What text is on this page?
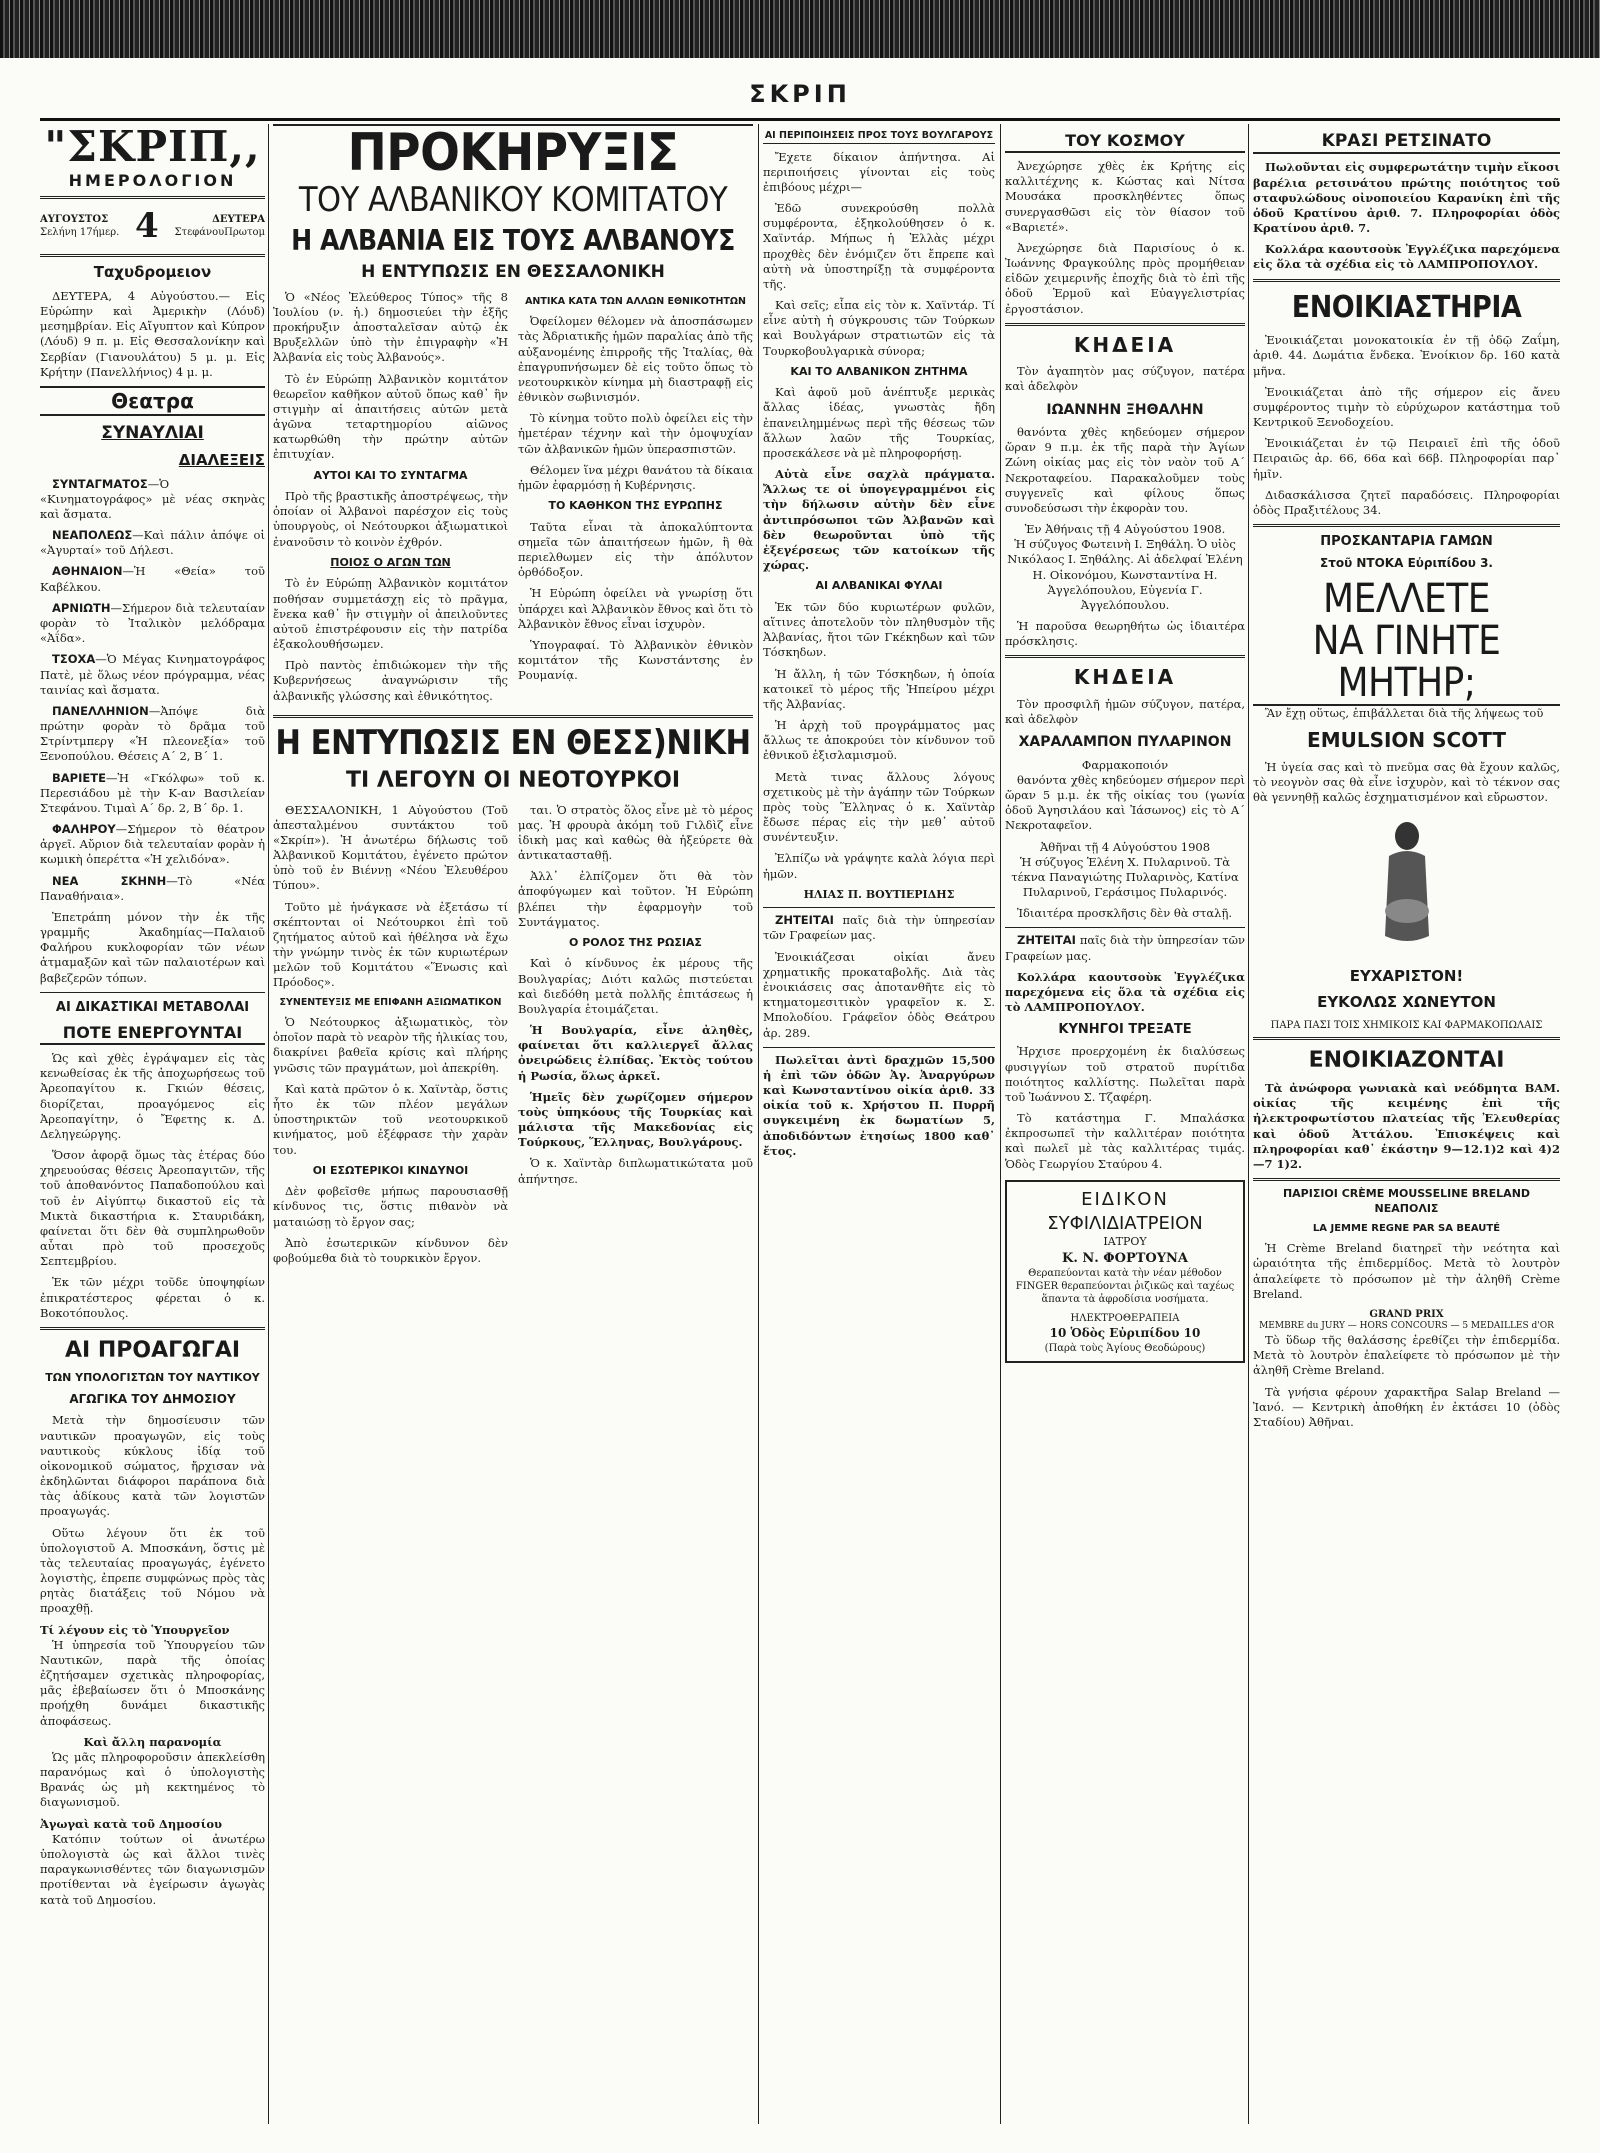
ΣΚΡΙΠ
"ΣΚΡΙΠ,,
ΗΜΕΡΟΛΟΓΙΟΝ
ΑΥΓΟΥΣΤΟΣ
Σελήνη 17ήμερ. 4	ΔΕΥΤΕΡΑ
ΣτεφάνουΠρωτομ
Ταχυδρομειον

ΔΕΥΤΕΡΑ, 4 Αὐγούστου.— Εἰς Εὐρώπην καὶ Ἀμερικὴν (Λόυδ) μεσημβρίαν. Εἰς Αἴγυπτον καὶ Κύπρον (Λόυδ) 9 π. μ. Εἰς Θεσσαλονίκην καὶ Σερβίαν (Γιανουλάτου) 5 μ. μ. Εἰς Κρήτην (Πανελλήνιος) 4 μ. μ.

Θεατρα
ΣΥΝΑΥΛΙΑΙ
ΔΙΑΛΕΞΕΙΣ

ΣΥΝΤΑΓΜΑΤΟΣ—Ὁ «Κινηματογράφος» μὲ νέας σκηνὰς καὶ ἄσματα.

ΝΕΑΠΟΛΕΩΣ—Καὶ πάλιν ἀπόψε οἱ «Ἀγυρταί» τοῦ Δήλεσι.

ΑΘΗΝΑΙΟΝ—Ἡ «Θεία» τοῦ Καβέλκου.

ΑΡΝΙΩΤΗ—Σήμερον διὰ τελευταίαν φορὰν τὸ Ἰταλικὸν μελόδραμα «Ἀΐδα».

ΤΣΟΧΑ—Ὁ Μέγας Κινηματογράφος Πατὲ, μὲ ὅλως νέον πρόγραμμα, νέας ταινίας καὶ ἄσματα.

ΠΑΝΕΛΛΗΝΙΟΝ—Ἀπόψε διὰ πρώτην φορὰν τὸ δρᾶμα τοῦ Στρίντμπεργ «Ἡ πλεονεξία» τοῦ Ξενοπούλου. Θέσεις Α΄ 2, Β΄ 1.

ΒΑΡΙΕΤΕ—Ἡ «Γκόλφω» τοῦ κ. Περεσιάδου μὲ τὴν Κ-αν Βασιλείαν Στεφάνου. Τιμαὶ Α΄ δρ. 2, Β΄ δρ. 1.

ΦΑΛΗΡΟΥ—Σήμερον τὸ θέατρον ἀργεῖ. Αὔριον διὰ τελευταίαν φορὰν ἡ κωμικὴ ὀπερέττα «Ἡ χελιδόνα».

ΝΕΑ ΣΚΗΝΗ—Τὸ «Νέα Παναθήναια».

Ἐπετράπη μόνον τὴν ἐκ τῆς γραμμῆς Ἀκαδημίας—Παλαιοῦ Φαλήρου κυκλοφορίαν τῶν νέων ἀτμαμαξῶν καὶ τῶν παλαιοτέρων καὶ βαβεζερῶν τόπων.

ΑΙ ΔΙΚΑΣΤΙΚΑΙ ΜΕΤΑΒΟΛΑΙ
ΠΟΤΕ ΕΝΕΡΓΟΥΝΤΑΙ

Ὡς καὶ χθὲς ἐγράψαμεν εἰς τὰς κενωθείσας ἐκ τῆς ἀποχωρήσεως τοῦ Ἀρεοπαγίτου κ. Γκιών θέσεις, διορίζεται, προαγόμενος εἰς Ἀρεοπαγίτην, ὁ Ἔφετης κ. Δ. Δεληγεώργης.

Ὅσον ἀφορᾷ ὅμως τὰς ἑτέρας δύο χηρευούσας θέσεις Ἀρεοπαγιτῶν, τῆς τοῦ ἀποθανόντος Παπαδοπούλου καὶ τοῦ ἐν Αἰγύπτῳ δικαστοῦ εἰς τὰ Μικτὰ δικαστήρια κ. Σταυριδάκη, φαίνεται ὅτι δὲν θὰ συμπληρωθοῦν αὗται πρὸ τοῦ προσεχοῦς Σεπτεμβρίου.

Ἐκ τῶν μέχρι τοῦδε ὑποψηφίων ἐπικρατέστερος φέρεται ὁ κ. Βοκοτόπουλος.

ΑΙ ΠΡΟΑΓΩΓΑΙ
ΤΩΝ ΥΠΟΛΟΓΙΣΤΩΝ ΤΟΥ ΝΑΥΤΙΚΟΥ
ΑΓΩΓΙΚΑ ΤΟΥ ΔΗΜΟΣΙΟΥ

Μετὰ τὴν δημοσίευσιν τῶν ναυτικῶν προαγωγῶν, εἰς τοὺς ναυτικοὺς κύκλους ἰδίᾳ τοῦ οἰκονομικοῦ σώματος, ἤρχισαν νὰ ἐκδηλῶνται διάφοροι παράπονα διὰ τὰς ἀδίκους κατὰ τῶν λογιστῶν προαγωγάς.

Οὕτω λέγουν ὅτι ἐκ τοῦ ὑπολογιστοῦ Α. Μποσκάνη, ὅστις μὲ τὰς τελευταίας προαγωγάς, ἐγένετο λογιστὴς, ἐπρεπε συμφώνως πρὸς τὰς ρητὰς διατάξεις τοῦ Νόμου νὰ προαχθῇ.

Τί λέγουν εἰς τὸ Ὑπουργεῖον

Ἡ ὑπηρεσία τοῦ Ὑπουργείου τῶν Ναυτικῶν, παρὰ τῆς ὁποίας ἐζητήσαμεν σχετικὰς πληροφορίας, μᾶς ἐβεβαίωσεν ὅτι ὁ Μποσκάνης προήχθη δυνάμει δικαστικῆς ἀποφάσεως.

Καὶ ἄλλη παρανομία

Ὡς μᾶς πληροφοροῦσιν ἀπεκλείσθη παρανόμως καὶ ὁ ὑπολογιστὴς Βρανάς ὡς μὴ κεκτημένος τὸ διαγωνισμοῦ.

Ἀγωγαὶ κατὰ τοῦ Δημοσίου

Κατόπιν τούτων οἱ ἀνωτέρω ὑπολογιστὰ ὡς καὶ ἄλλοι τινὲς παραγκωνισθέντες τῶν διαγωνισμῶν προτίθενται νὰ ἐγείρωσιν ἀγωγὰς κατὰ τοῦ Δημοσίου.

ΠΡΟΚΗΡΥΞΙΣ
ΤΟΥ ΑΛΒΑΝΙΚΟΥ ΚΟΜΙΤΑΤΟΥ
Η ΑΛΒΑΝΙΑ ΕΙΣ ΤΟΥΣ ΑΛΒΑΝΟΥΣ
Η ΕΝΤΥΠΩΣΙΣ ΕΝ ΘΕΣΣΑΛΟΝΙΚΗ

Ὁ «Νέος Ἐλεύθερος Τύπος» τῆς 8 Ἰουλίου (ν. ἡ.) δημοσιεύει τὴν ἑξῆς προκήρυξιν ἀποσταλεῖσαν αὐτῷ ἐκ Βρυξελλῶν ὑπὸ τὴν ἐπιγραφὴν «Ἡ Ἀλβανία εἰς τοὺς Ἀλβανούς».

Τὸ ἐν Εὐρώπῃ Ἀλβανικὸν κομιτάτον θεωρεῖον καθῆκον αὐτοῦ ὅπως καθ᾽ ἣν στιγμὴν αἱ ἀπαιτήσεις αὐτῶν μετὰ ἀγῶνα τεταρτημορίου αἰῶνος κατωρθώθη τὴν πρώτην αὐτῶν ἐπιτυχίαν.

ΑΥΤΟΙ ΚΑΙ ΤΟ ΣΥΝΤΑΓΜΑ

Πρὸ τῆς βραστικῆς ἀποστρέψεως, τὴν ὁποίαν οἱ Ἀλβανοὶ παρέσχον εἰς τοὺς ὑπουργοὺς, οἱ Νεότουρκοι ἀξιωματικοὶ ἐνανοῦσιν τὸ κοινὸν ἐχθρόν.

ΠΟΙΟΣ Ο ΑΓΩΝ ΤΩΝ

Τὸ ἐν Εὐρώπῃ Ἀλβανικὸν κομιτάτον ποθήσαν συμμετάσχῃ εἰς τὸ πρᾶγμα, ἔνεκα καθ᾽ ἣν στιγμὴν οἱ ἀπειλοῦντες αὐτοῦ ἐπιστρέφουσιν εἰς τὴν πατρίδα ἐξακολουθήσωμεν.

Πρὸ παντὸς ἐπιδιώκομεν τὴν τῆς Κυβερνήσεως ἀναγνώρισιν τῆς ἀλβανικῆς γλώσσης καὶ ἐθνικότητος.

ΑΝΤΙΚΑ ΚΑΤΑ ΤΩΝ ΑΛΛΩΝ ΕΘΝΙΚΟΤΗΤΩΝ

Ὀφείλομεν θέλομεν νὰ ἀποσπάσωμεν τὰς Ἀδριατικῆς ἡμῶν παραλίας ἀπὸ τῆς αὐξανομένης ἐπιρροῆς τῆς Ἰταλίας, θὰ ἐπαγρυπνήσωμεν δὲ εἰς τοῦτο ὅπως τὸ νεοτουρκικὸν κίνημα μὴ διαστραφῇ εἰς ἐθνικὸν σωβινισμόν.

Τὸ κίνημα τοῦτο πολὺ ὀφείλει εἰς τὴν ἡμετέραν τέχνην καὶ τὴν ὁμοψυχίαν τῶν ἀλβανικῶν ἡμῶν ὑπερασπιστῶν.

Θέλομεν ἵνα μέχρι θανάτου τὰ δίκαια ἡμῶν ἐφαρμόσῃ ἡ Κυβέρνησις.

ΤΟ ΚΑΘΗΚΟΝ ΤΗΣ ΕΥΡΩΠΗΣ

Ταῦτα εἶναι τὰ ἀποκαλύπτοντα σημεῖα τῶν ἀπαιτήσεων ἡμῶν, ἢ θὰ περιελθωμεν εἰς τὴν ἀπόλυτον ὀρθόδοξον.

Ἡ Εὐρώπη ὀφείλει νὰ γνωρίσῃ ὅτι ὑπάρχει καὶ Ἀλβανικὸν ἔθνος καὶ ὅτι τὸ Ἀλβανικὸν ἔθνος εἶναι ἰσχυρὸν.

Ὑπογραφαί. Τὸ Ἀλβανικὸν ἐθνικὸν κομιτάτον τῆς Κωνστάντσης ἐν Ρουμανίᾳ.

Η ΕΝΤΥΠΩΣΙΣ ΕΝ ΘΕΣΣ)ΝΙΚΗ
ΤΙ ΛΕΓΟΥΝ ΟΙ ΝΕΟΤΟΥΡΚΟΙ

ΘΕΣΣΑΛΟΝΙΚΗ, 1 Αὐγούστου (Τοῦ ἀπεσταλμένου συντάκτου τοῦ «Σκρίπ»). Ἡ ἀνωτέρω δήλωσις τοῦ Ἀλβανικοῦ Κομιτάτου, ἐγένετο πρώτον ὑπὸ τοῦ ἐν Βιέννῃ «Νέου Ἐλευθέρου Τύπου».

Τοῦτο μὲ ἠνάγκασε νὰ ἐξετάσω τί σκέπτονται οἱ Νεότουρκοι ἐπὶ τοῦ ζητήματος αὐτοῦ καὶ ἠθέλησα νὰ ἔχω τὴν γνώμην τινὸς ἐκ τῶν κυριωτέρων μελῶν τοῦ Κομιτάτου «Ἕνωσις καὶ Πρόοδος».

ΣΥΝΕΝΤΕΥΞΙΣ ΜΕ ΕΠΙΦΑΝΗ ΑΞΙΩΜΑΤΙΚΟΝ

Ὁ Νεότουρκος ἀξιωματικὸς, τὸν ὁποῖον παρὰ τὸ νεαρὸν τῆς ἡλικίας του, διακρίνει βαθεῖα κρίσις καὶ πλήρης γνῶσις τῶν πραγμάτων, μοὶ ἀπεκρίθη.

Καὶ κατὰ πρῶτον ὁ κ. Χαϊντὰρ, ὅστις ἦτο ἐκ τῶν πλέον μεγάλων ὑποστηρικτῶν τοῦ νεοτουρκικοῦ κινήματος, μοῦ ἐξέφρασε τὴν χαρὰν του.

ΟΙ ΕΣΩΤΕΡΙΚΟΙ ΚΙΝΔΥΝΟΙ

Δὲν φοβεῖσθε μήπως παρουσιασθῇ κίνδυνος τις, ὅστις πιθανὸν νὰ ματαιώσῃ τὸ ἔργον σας;

Ἀπὸ ἐσωτερικῶν κίνδυνον δὲν φοβούμεθα διὰ τὸ τουρκικὸν ἔργον.

ται. Ὁ στρατὸς ὅλος εἶνε μὲ τὸ μέρος μας. Ἡ φρουρὰ ἀκόμη τοῦ Γιλδὶζ εἶνε ἰδικὴ μας καὶ καθὼς θὰ ἠξεύρετε θὰ ἀντικατασταθῇ.

Ἀλλ᾽ ἐλπίζομεν ὅτι θὰ τὸν ἀποφύγωμεν καὶ τοῦτον. Ἡ Εὐρώπη βλέπει τὴν ἐφαρμογὴν τοῦ Συντάγματος.

Ο ΡΟΛΟΣ ΤΗΣ ΡΩΣΙΑΣ

Καὶ ὁ κίνδυνος ἐκ μέρους τῆς Βουλγαρίας; Διότι καλῶς πιστεύεται καὶ διεδόθη μετὰ πολλῆς ἐπιτάσεως ἡ Βουλγαρία ἑτοιμάζεται.

Ἡ Βουλγαρία, εἶνε ἀληθὲς, φαίνεται ὅτι καλλιεργεῖ ἄλλας ὀνειρώδεις ἐλπίδας. Ἐκτὸς τούτου ἡ Ρωσία, ὅλως ἀρκεῖ.

Ἡμεῖς δὲν χωρίζομεν σήμερον τοὺς ὑπηκόους τῆς Τουρκίας καὶ μάλιστα τῆς Μακεδονίας εἰς Τούρκους, Ἕλληνας, Βουλγάρους.

Ὁ κ. Χαϊντὰρ διπλωματικώτατα μοῦ ἀπήντησε.

ΑΙ ΠΕΡΙΠΟΙΗΣΕΙΣ ΠΡΟΣ ΤΟΥΣ ΒΟΥΛΓΑΡΟΥΣ

Ἔχετε δίκαιον ἀπήντησα. Αἱ περιποιήσεις γίνονται εἰς τοὺς ἐπιβόους μέχρι—

Ἐδῶ συνεκρούσθη πολλὰ συμφέροντα, ἐξηκολούθησεν ὁ κ. Χαϊντάρ. Μήπως ἡ Ἑλλὰς μέχρι προχθὲς δὲν ἐνόμιζεν ὅτι ἔπρεπε καὶ αὐτὴ νὰ ὑποστηρίξῃ τὰ συμφέροντα τῆς.

Καὶ σεῖς; εἶπα εἰς τὸν κ. Χαϊντάρ. Τί εἶνε αὐτὴ ἡ σύγκρουσις τῶν Τούρκων καὶ Βουλγάρων στρατιωτῶν εἰς τὰ Τουρκοβουλγαρικὰ σύνορα;

ΚΑΙ ΤΟ ΑΛΒΑΝΙΚΟΝ ΖΗΤΗΜΑ

Καὶ ἀφοῦ μοῦ ἀνέπτυξε μερικὰς ἄλλας ἰδέας, γνωστὰς ἤδη ἐπανειλημμένως περὶ τῆς θέσεως τῶν ἄλλων λαῶν τῆς Τουρκίας, προσεκάλεσε νὰ μὲ πληροφορήσῃ.

Αὐτὰ εἶνε σαχλὰ πράγματα. Ἄλλως τε οἱ ὑπογεγραμμένοι εἰς τὴν δήλωσιν αὐτὴν δὲν εἶνε ἀντιπρόσωποι τῶν Ἀλβανῶν καὶ δὲν θεωροῦνται ὑπὸ τῆς ἐξεγέρσεως τῶν κατοίκων τῆς χώρας.

ΑΙ ΑΛΒΑΝΙΚΑΙ ΦΥΛΑΙ

Ἐκ τῶν δύο κυριωτέρων φυλῶν, αἵτινες ἀποτελοῦν τὸν πληθυσμὸν τῆς Ἀλβανίας, ἤτοι τῶν Γκέκηδων καὶ τῶν Τόσκηδων.

Ἡ ἄλλη, ἡ τῶν Τόσκηδων, ἡ ὁποία κατοικεῖ τὸ μέρος τῆς Ἠπείρου μέχρι τῆς Ἀλβανίας.

Ἡ ἀρχὴ τοῦ προγράμματος μας ἄλλως τε ἀποκρούει τὸν κίνδυνον τοῦ ἐθνικοῦ ἐξισλαμισμοῦ.

Μετὰ τινας ἄλλους λόγους σχετικοὺς μὲ τὴν ἀγάπην τῶν Τούρκων πρὸς τοὺς Ἕλληνας ὁ κ. Χαϊντὰρ ἔδωσε πέρας εἰς τὴν μεθ᾽ αὐτοῦ συνέντευξιν.

Ἐλπίζω νὰ γράψητε καλὰ λόγια περὶ ἡμῶν.

ΗΛΙΑΣ Π. ΒΟΥΤΙΕΡΙΔΗΣ

ΖΗΤΕΙΤΑΙ παῖς διὰ τὴν ὑπηρεσίαν τῶν Γραφείων μας.

Ἐνοικιάζεσαι οἰκίαι ἄνευ χρηματικῆς προκαταβολῆς. Διὰ τὰς ἐνοικιάσεις σας ἀποτανθῆτε εἰς τὸ κτηματομεσιτικὸν γραφεῖον κ. Σ. Μπολοδίου. Γράφεῖον ὁδὸς Θεάτρου ἀρ. 289.

Πωλεῖται ἀντὶ δραχμῶν 15,500 ἡ ἐπὶ τῶν ὁδῶν Ἀγ. Ἀναργύρων καὶ Κωνσταντίνου οἰκία ἀριθ. 33 οἰκία τοῦ κ. Χρήστου Π. Πυρρῆ συγκειμένη ἐκ δωματίων 5, ἀποδιδόντων ἐτησίως 1800 καθ᾽ ἔτος.

ΤΟΥ ΚΟΣΜΟΥ

Ἀνεχώρησε χθὲς ἐκ Κρήτης εἰς καλλιτέχνης κ. Κώστας καὶ Νίτσα Μουσάκα προσκληθέντες ὅπως συνεργασθῶσι εἰς τὸν θίασον τοῦ «Βαριετέ».

Ἀνεχώρησε διὰ Παρισίους ὁ κ. Ἰωάννης Φραγκούλης πρὸς προμήθειαν εἰδῶν χειμερινῆς ἐποχῆς διὰ τὸ ἐπὶ τῆς ὁδοῦ Ἑρμοῦ καὶ Εὐαγγελιστρίας ἐργοστάσιον.

ΚΗΔΕΙΑ

Τὸν ἀγαπητὸν μας σύζυγον, πατέρα καὶ ἀδελφὸν

ΙΩΑΝΝΗΝ ΞΗΘΑΛΗΝ

θανόντα χθὲς κηδεύομεν σήμερον ὥραν 9 π.μ. ἐκ τῆς παρὰ τὴν Ἁγίων Ζώνη οἰκίας μας εἰς τὸν ναὸν τοῦ Α΄ Νεκροταφείου. Παρακαλοῦμεν τοὺς συγγενεῖς καὶ φίλους ὅπως συνοδεύσωσι τὴν ἐκφορὰν του.

Ἐν Ἀθήναις τῇ 4 Αὐγούστου 1908.

Ἡ σύζυγος Φωτεινὴ Ι. Ξηθάλη. Ὁ υἱὸς Νικόλαος Ι. Ξηθάλης. Αἱ ἀδελφαί Ἑλένη Η. Οἰκονόμου, Κωνσταντίνα Η. Ἀγγελόπουλου, Εὐγενία Γ. Ἀγγελόπουλου.

Ἡ παροῦσα θεωρηθήτω ὡς ἰδιαιτέρα πρόσκλησις.

ΚΗΔΕΙΑ

Τὸν προσφιλῆ ἡμῶν σύζυγον, πατέρα, καὶ ἀδελφὸν

ΧΑΡΑΛΑΜΠΟΝ ΠΥΛΑΡΙΝΟΝ
Φαρμακοποιόν

θανόντα χθὲς κηδεύομεν σήμερον περὶ ὥραν 5 μ.μ. ἐκ τῆς οἰκίας του (γωνία ὁδοῦ Ἀγησιλάου καὶ Ἰάσωνος) εἰς τὸ Α΄ Νεκροταφεῖον.

Ἀθῆναι τῇ 4 Αὐγούστου 1908

Ἡ σύζυγος Ἑλένη Χ. Πυλαρινοῦ. Τὰ τέκνα Παναγιώτης Πυλαρινὸς, Κατίνα Πυλαρινοῦ, Γεράσιμος Πυλαρινός.

Ἰδιαιτέρα προσκλῆσις δὲν θὰ σταλῇ.

ΖΗΤΕΙΤΑΙ παῖς διὰ τὴν ὑπηρεσίαν τῶν Γραφείων μας.

Κολλάρα καουτσοὺκ Ἐγγλέζικα παρεχόμενα εἰς ὅλα τὰ σχέδια εἰς τὸ ΛΑΜΠΡΟΠΟΥΛΟΥ.

ΚΥΝΗΓΟΙ ΤΡΕΞΑΤΕ

Ἠρχισε προερχομένη ἐκ διαλύσεως φυσιγγίων τοῦ στρατοῦ πυρίτιδα ποιότητος καλλίστης. Πωλεῖται παρὰ τοῦ Ἰωάννου Σ. Τζαφέρη.

Τὸ κατάστημα Γ. Μπαλάσκα ἐκπροσωπεῖ τὴν καλλιτέραν ποιότητα καὶ πωλεῖ μὲ τὰς καλλιτέρας τιμάς. Ὁδὸς Γεωργίου Σταύρου 4.

ΕΙΔΙΚΟΝ
ΣΥΦΙΛΙΔΙΑΤΡΕΙΟΝ
ΙΑΤΡΟΥ
Κ. Ν. ΦΟΡΤΟΥΝΑ

Θεραπεύονται κατὰ τὴν νέαν μέθοδον FINGER θεραπεύονται ῥιζικῶς καὶ ταχέως ἅπαντα τὰ ἀφροδίσια νοσήματα.

ΗΛΕΚΤΡΟΘΕΡΑΠΕΙΑ
10 Ὁδὸς Εὐριπίδου 10
(Παρὰ τοὺς Ἁγίους Θεοδώρους)
ΚΡΑΣΙ ΡΕΤΣΙΝΑΤΟ

Πωλοῦνται εἰς συμφερωτάτην τιμὴν εἴκοσι βαρέλια ρετσινάτου πρώτης ποιότητος τοῦ σταφυλώδους οἰνοποιείου Καρανίκη ἐπὶ τῆς ὁδοῦ Κρατίνου ἀριθ. 7. Πληροφορίαι ὁδὸς Κρατίνου ἀριθ. 7.

Κολλάρα καουτσοὺκ Ἐγγλέζικα παρεχόμενα εἰς ὅλα τὰ σχέδια εἰς τὸ ΛΑΜΠΡΟΠΟΥΛΟΥ.

ΕΝΟΙΚΙΑΣΤΗΡΙΑ

Ἐνοικιάζεται μονοκατοικία ἐν τῇ ὁδῷ Ζαΐμη, ἀριθ. 44. Δωμάτια ἕνδεκα. Ἐνοίκιον δρ. 160 κατὰ μῆνα.

Ἐνοικιάζεται ἀπὸ τῆς σήμερον εἰς ἄνευ συμφέροντος τιμὴν τὸ εὐρύχωρον κατάστημα τοῦ Κεντρικοῦ Ξενοδοχείου.

Ἐνοικιάζεται ἐν τῷ Πειραιεῖ ἐπὶ τῆς ὁδοῦ Πειραιῶς ἀρ. 66, 66α καὶ 66β. Πληροφορίαι παρ᾽ ἡμῖν.

Διδασκάλισσα ζητεῖ παραδόσεις. Πληροφορίαι ὁδὸς Πραξιτέλους 34.

ΠΡΟΣΚΑΝΤΑΡΙΑ ΓΑΜΩΝ
Στοῦ ΝΤΟΚΑ Εὐριπίδου 3.
ΜΕΛΛΕΤΕ
ΝΑ ΓΙΝΗΤΕ
ΜΗΤΗΡ;

Ἂν ἔχῃ οὕτως, ἐπιβάλλεται διὰ τῆς λήψεως τοῦ

EMULSION SCOTT

Ἡ ὑγεία σας καὶ τὸ πνεῦμα σας θὰ ἔχουν καλῶς, τὸ νεογνὸν σας θὰ εἶνε ἰσχυρὸν, καὶ τὸ τέκνον σας θὰ γεννηθῇ καλῶς ἐσχηματισμένον καὶ εὔρωστον.

ΕΥΧΑΡΙΣΤΟΝ!
ΕΥΚΟΛΩΣ ΧΩΝΕΥΤΟΝ
ΠΑΡΑ ΠΑΣΙ ΤΟΙΣ ΧΗΜΙΚΟΙΣ ΚΑΙ ΦΑΡΜΑΚΟΠΩΛΑΙΣ
ΕΝΟΙΚΙΑΖΟΝΤΑΙ

Τὰ ἀνώφορα γωνιακὰ καὶ νεόδμητα ΒΑΜ. οἰκίας τῆς κειμένης ἐπὶ τῆς ἠλεκτροφωτίστου πλατείας τῆς Ἐλευθερίας καὶ ὁδοῦ Ἀττάλου. Ἐπισκέψεις καὶ πληροφορίαι καθ᾽ ἑκάστην 9—12.1)2 καὶ 4)2—7 1)2.

ΠΑΡΙΣΙΟΙ CRÈME MOUSSELINE BRELAND ΝΕΑΠΟΛΙΣ
LA JEMME REGNE PAR SA BEAUTÉ

Ἡ Crème Breland διατηρεῖ τὴν νεότητα καὶ ὡραιότητα τῆς ἐπιδερμίδος. Μετὰ τὸ λουτρὸν ἀπαλείφετε τὸ πρόσωπον μὲ τὴν ἀληθῆ Crème Breland.

GRAND PRIX
MEMBRE du JURY — HORS CONCOURS — 5 MEDAILLES d'OR

Τὸ ὕδωρ τῆς θαλάσσης ἐρεθίζει τὴν ἐπιδερμίδα. Μετὰ τὸ λουτρὸν ἐπαλείφετε τὸ πρόσωπον μὲ τὴν ἀληθῆ Crème Breland.

Τὰ γνήσια φέρουν χαρακτῆρα Salap Breland — Ἰανό. — Κεντρικὴ ἀποθήκη ἐν ἐκτάσει 10 (ὁδὸς Σταδίου) Ἀθῆναι.
